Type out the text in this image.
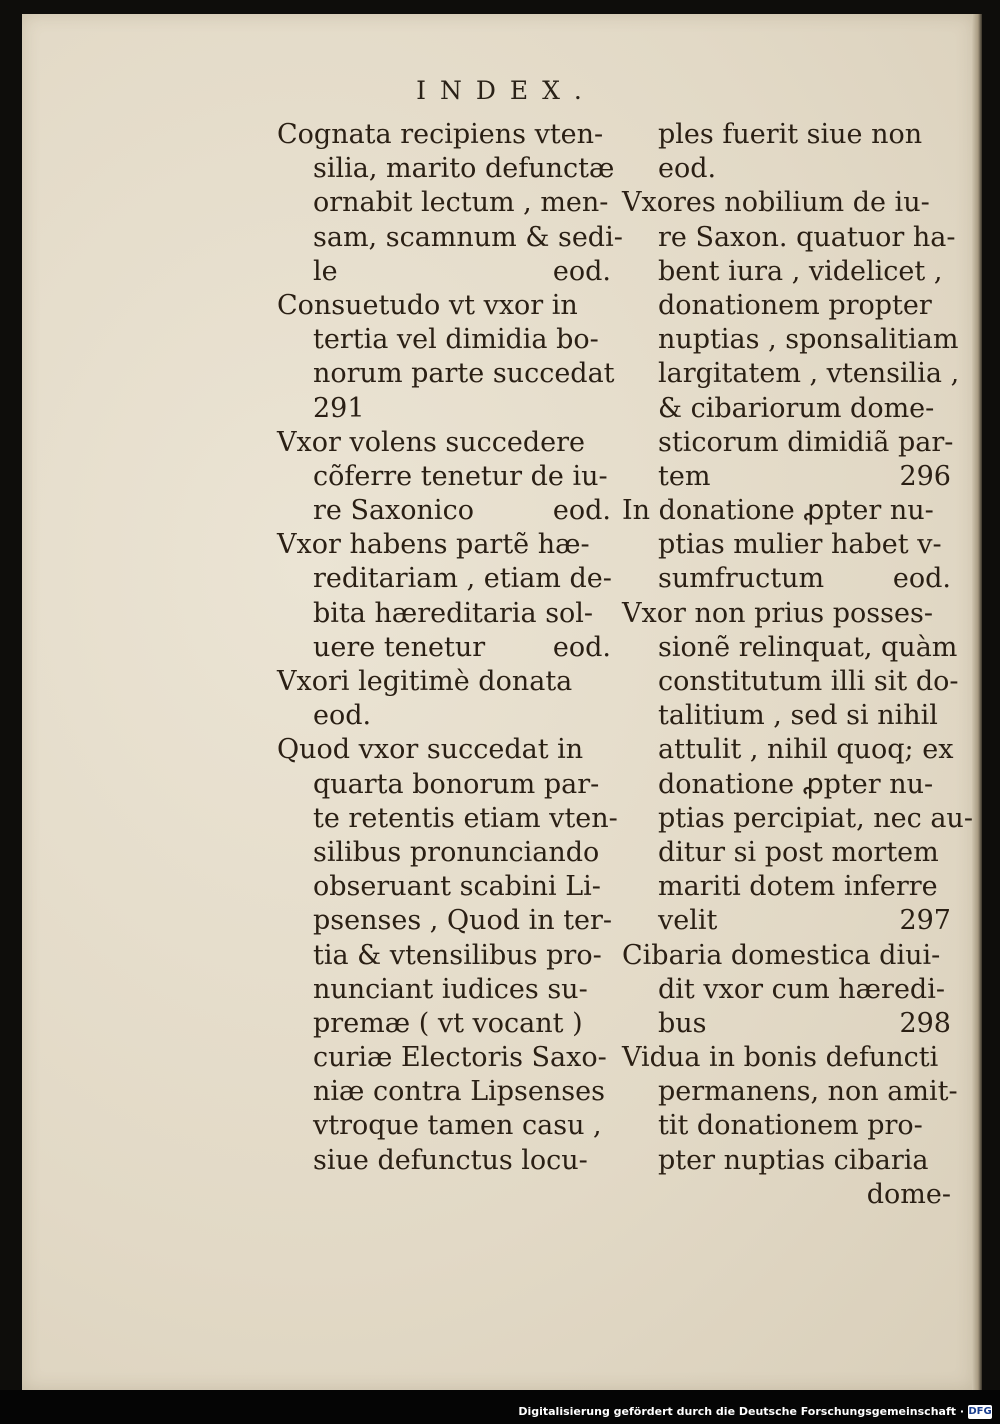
INDEX.
Cognata recipiens vten-
silia, marito defunctæ
ornabit lectum , men-
sam, scamnum & sedi-
le	eod.
Consuetudo vt vxor in
tertia vel dimidia bo-
norum parte succedat
291
Vxor volens succedere
cõferre tenetur de iu-
re Saxonico	eod.
Vxor habens partẽ hæ-
reditariam , etiam de-
bita hæreditaria sol-
uere tenetur	eod.
Vxori legitimè donata
eod.
Quod vxor succedat in
quarta bonorum par-
te retentis etiam vten-
silibus pronunciando
obseruant scabini Li-
psenses , Quod in ter-
tia & vtensilibus pro-
nunciant iudices su-
premæ ( vt vocant )
curiæ Electoris Saxo-
niæ contra Lipsenses
vtroque tamen casu ,
siue defunctus locu-
ples fuerit siue non
eod.
Vxores nobilium de iu-
re Saxon. quatuor ha-
bent iura , videlicet ,
donationem propter
nuptias , sponsalitiam
largitatem , vtensilia ,
& cibariorum dome-
sticorum dimidiã par-
tem	296
In donatione ꝓpter nu-
ptias mulier habet v-
sumfructum	eod.
Vxor non prius posses-
sionẽ relinquat, quàm
constitutum illi sit do-
talitium , sed si nihil
attulit , nihil quoq; ex
donatione ꝓpter nu-
ptias percipiat, nec au-
ditur si post mortem
mariti dotem inferre
velit	297
Cibaria domestica diui-
dit vxor cum hæredi-
bus	298
Vidua in bonis defuncti
permanens, non amit-
tit donationem pro-
pter nuptias cibaria
dome-
Digitalisierung gefördert durch die Deutsche Forschungsgemeinschaft · DFG
